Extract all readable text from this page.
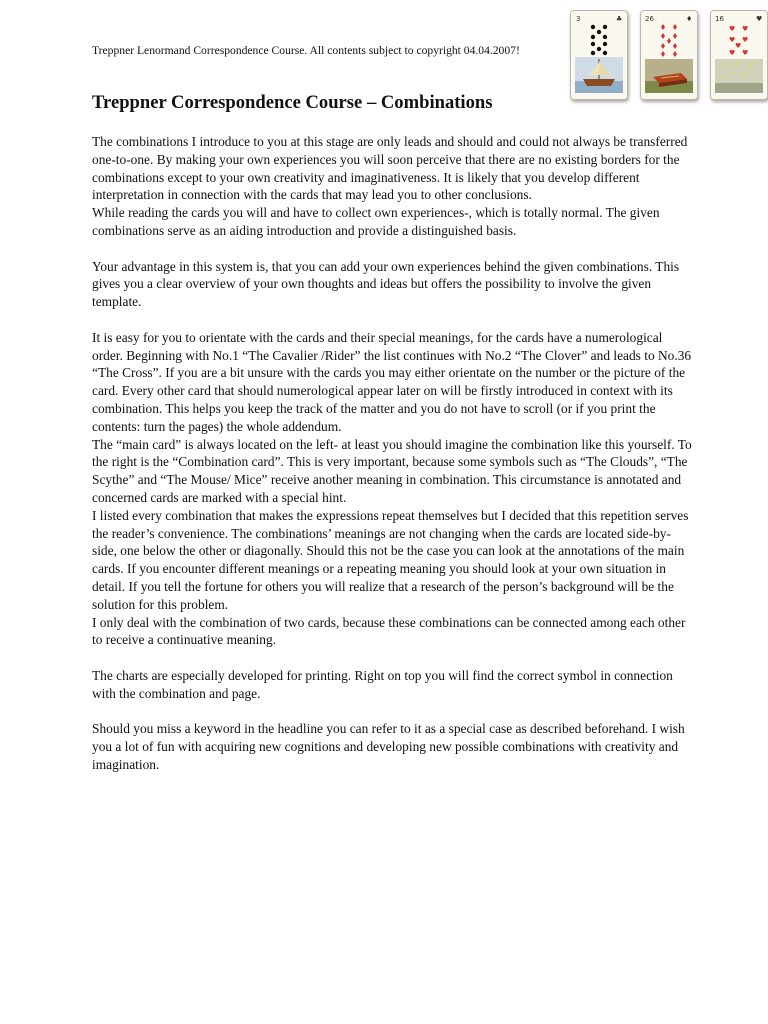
Treppner Lenormand Correspondence Course. All contents subject to copyright 04.04.2007!
3	♣	26	♦	16	♥
♥ ♥
♥ ♥
♥
♥ ♥
Treppner Correspondence Course – Combinations

The combinations I introduce to you at this stage are only leads and should and could not always be transferred one-to-one. By making your own experiences you will soon perceive that there are no existing borders for the combinations except to your own creativity and imaginativeness. It is likely that you develop different interpretation in connection with the cards that may lead you to other conclusions.

While reading the cards you will and have to collect own experiences-, which is totally normal. The given combinations serve as an aiding introduction and provide a distinguished basis.

Your advantage in this system is, that you can add your own experiences behind the given combinations. This gives you a clear overview of your own thoughts and ideas but offers the possibility to involve the given template.

It is easy for you to orientate with the cards and their special meanings, for the cards have a numerological order. Beginning with No.1 “The Cavalier /Rider” the list continues with No.2 “The Clover” and leads to No.36 “The Cross”. If you are a bit unsure with the cards you may either orientate on the number or the picture of the card. Every other card that should numerological appear later on will be firstly introduced in context with its combination. This helps you keep the track of the matter and you do not have to scroll (or if you print the contents: turn the pages) the whole addendum.

The “main card” is always located on the left- at least you should imagine the combination like this yourself. To the right is the “Combination card”. This is very important, because some symbols such as “The Clouds”, “The Scythe” and “The Mouse/ Mice” receive another meaning in combination. This circumstance is annotated and concerned cards are marked with a special hint.

I listed every combination that makes the expressions repeat themselves but I decided that this repetition serves the reader’s convenience. The combinations’ meanings are not changing when the cards are located side-by-side, one below the other or diagonally. Should this not be the case you can look at the annotations of the main cards. If you encounter different meanings or a repeating meaning you should look at your own situation in detail. If you tell the fortune for others you will realize that a research of the person’s background will be the solution for this problem.

I only deal with the combination of two cards, because these combinations can be connected among each other to receive a continuative meaning.

The charts are especially developed for printing. Right on top you will find the correct symbol in connection with the combination and page.

Should you miss a keyword in the headline you can refer to it as a special case as described beforehand. I wish you a lot of fun with acquiring new cognitions and developing new possible combinations with creativity and imagination.
